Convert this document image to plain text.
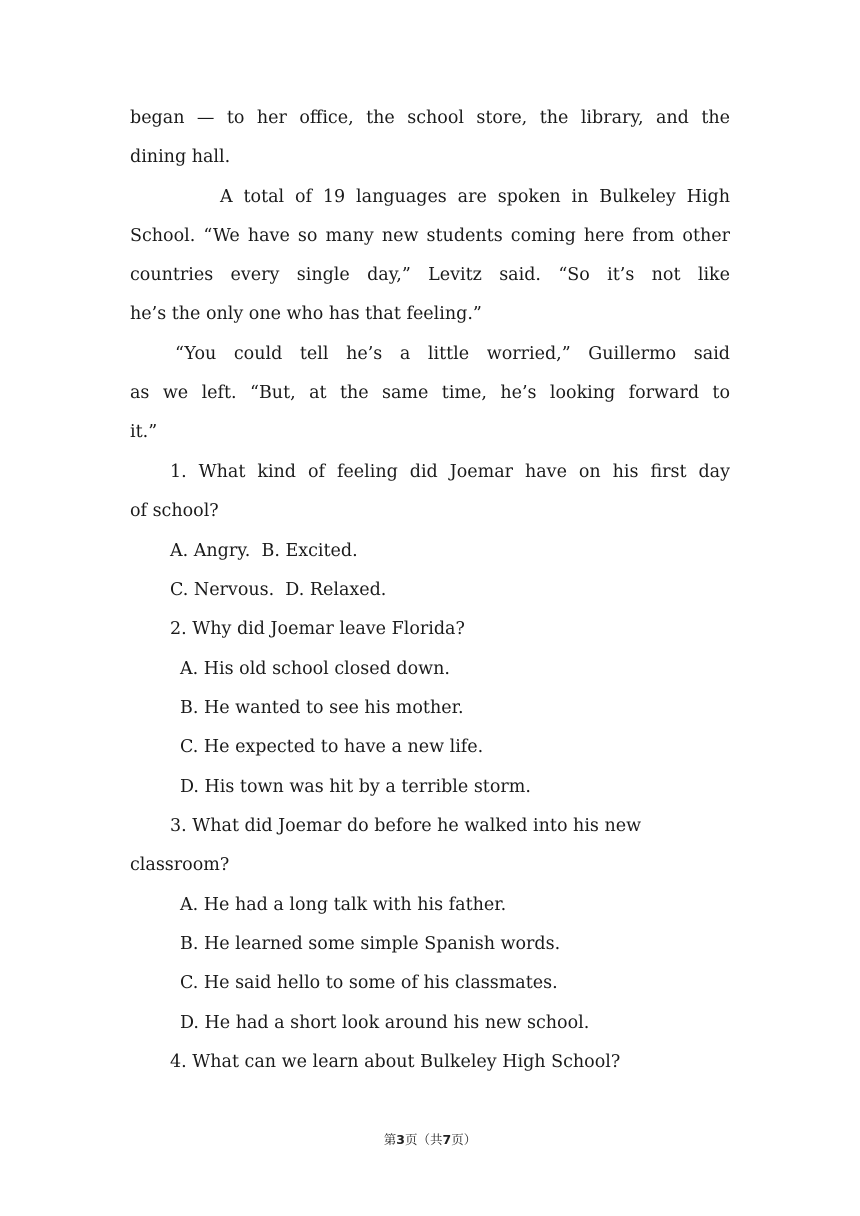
began — to her office, the school store, the library, and the
dining hall.
A total of 19 languages are spoken in Bulkeley High
School. “We have so many new students coming here from other
countries every single day,” Levitz said. “So it’s not like
he’s the only one who has that feeling.”
“You could tell he’s a little worried,” Guillermo said
as we left. “But, at the same time, he’s looking forward to
it.”
1. What kind of feeling did Joemar have on his first day
of school?
A. Angry.  B. Excited.
C. Nervous.  D. Relaxed.
2. Why did Joemar leave Florida?
A. His old school closed down.
B. He wanted to see his mother.
C. He expected to have a new life.
D. His town was hit by a terrible storm.
3. What did Joemar do before he walked into his new
classroom?
A. He had a long talk with his father.
B. He learned some simple Spanish words.
C. He said hello to some of his classmates.
D. He had a short look around his new school.
4. What can we learn about Bulkeley High School?
第3页（共7页）
